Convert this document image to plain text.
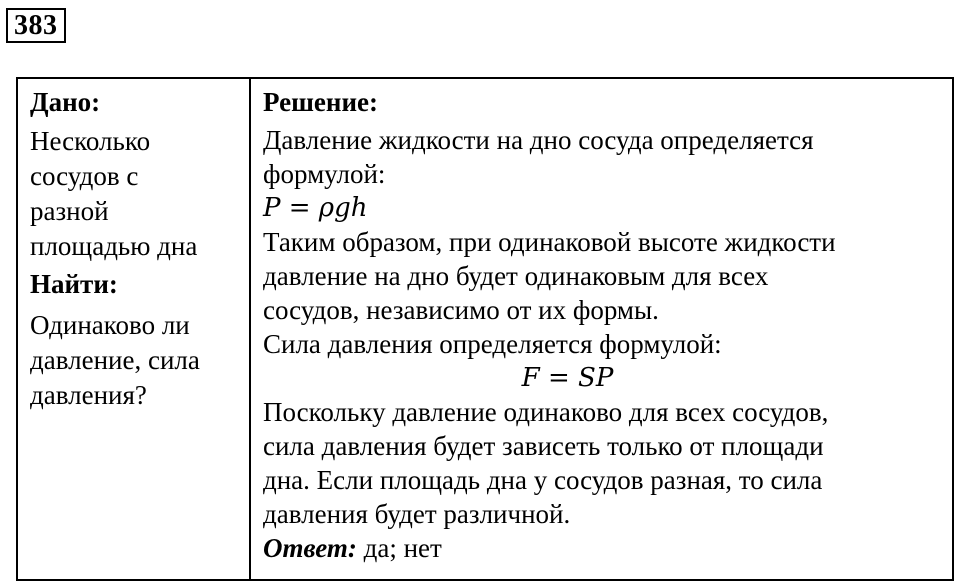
383
Дано:
Несколько
сосудов с
разной
площадью дна
Найти:
Одинаково ли
давление, сила
давления?
Решение:
Давление жидкости на дно сосуда определяется
формулой:
P = ρgh
Таким образом, при одинаковой высоте жидкости
давление на дно будет одинаковым для всех
сосудов, независимо от их формы.
Сила давления определяется формулой:
F = SP
Поскольку давление одинаково для всех сосудов,
сила давления будет зависеть только от площади
дна. Если площадь дна у сосудов разная, то сила
давления будет различной.
Ответ: да; нет
